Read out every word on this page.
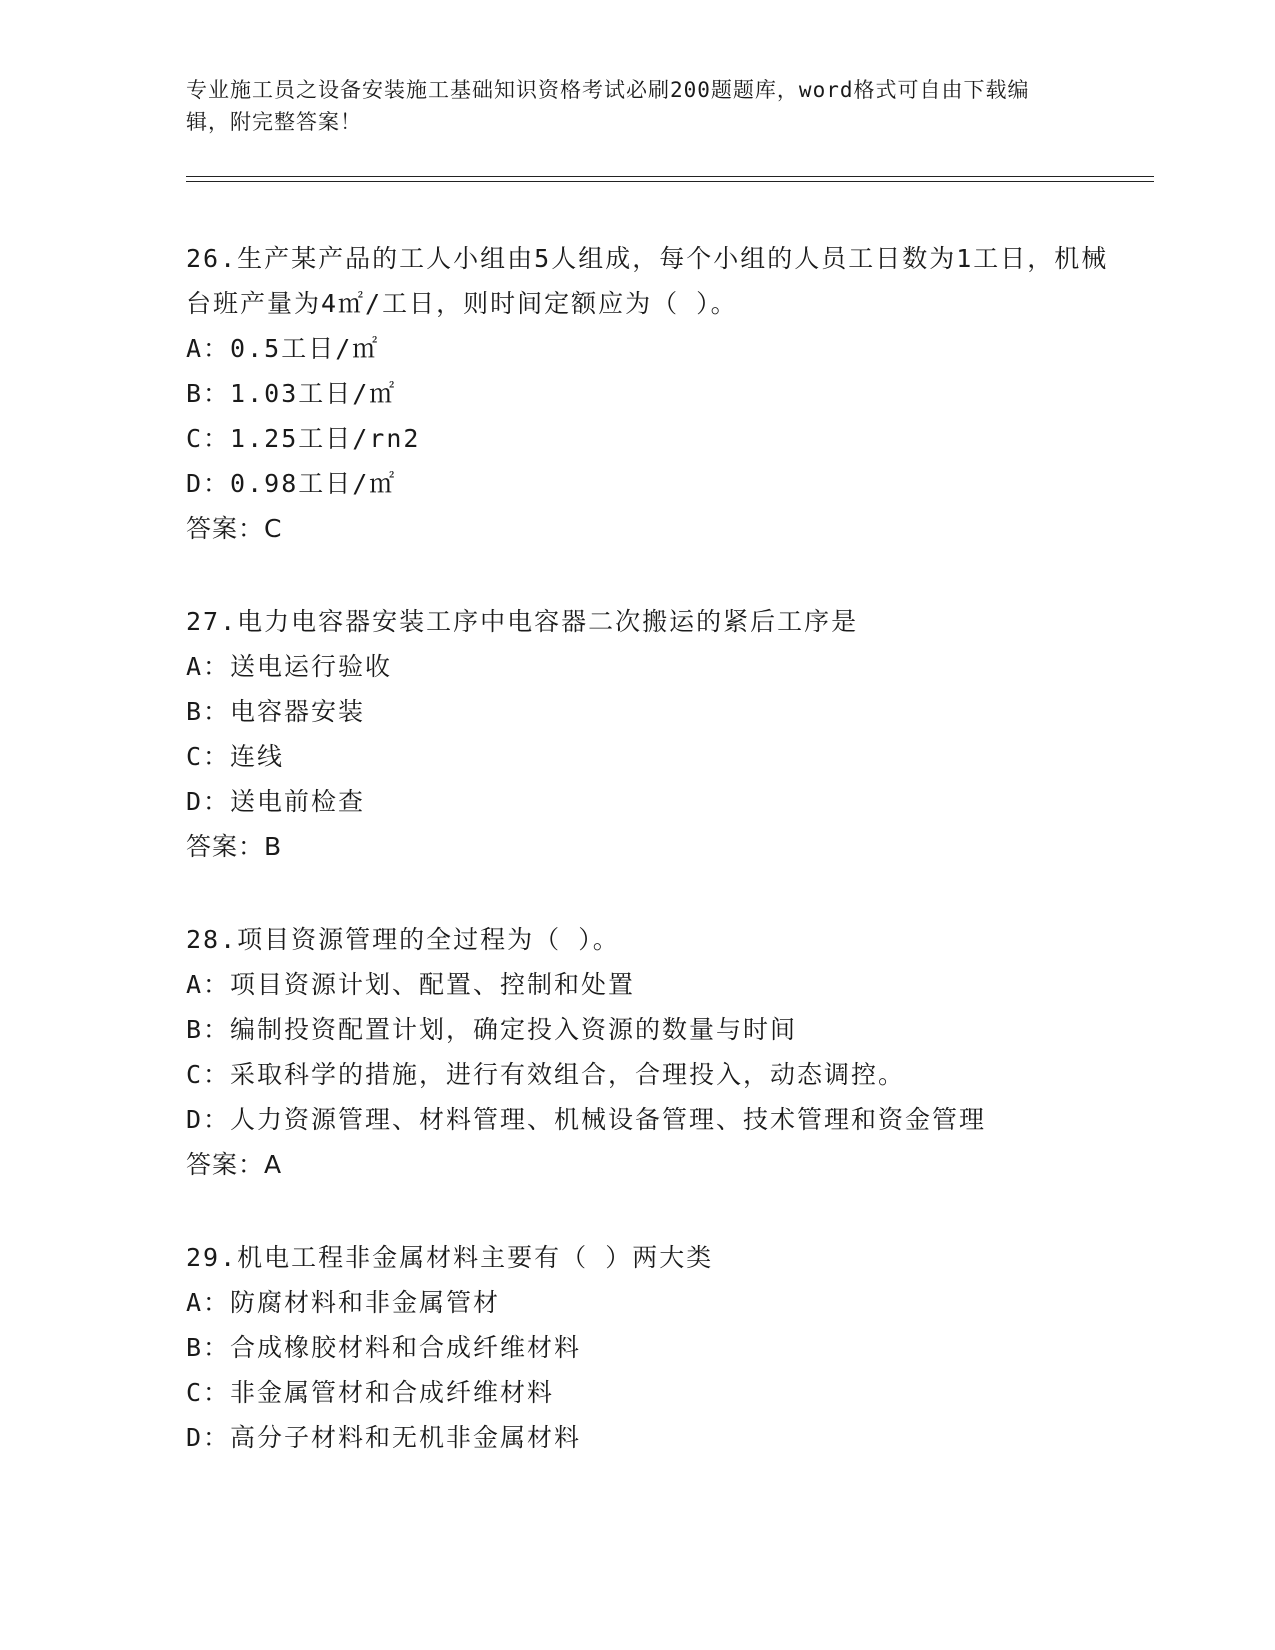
专业施工员之设备安装施工基础知识资格考试必刷200题题库，word格式可自由下载编辑，附完整答案！

26.生产某产品的工人小组由5人组成，每个小组的人员工日数为1工日，机械台班产量为4㎡/工日，则时间定额应为（ ）。

A：0.5工日/㎡

B：1.03工日/㎡

C：1.25工日/rn2

D：0.98工日/㎡

答案：C

27.电力电容器安装工序中电容器二次搬运的紧后工序是

A：送电运行验收

B：电容器安装

C：连线

D：送电前检查

答案：B

28.项目资源管理的全过程为（ ）。

A：项目资源计划、配置、控制和处置

B：编制投资配置计划，确定投入资源的数量与时间

C：采取科学的措施，进行有效组合，合理投入，动态调控。

D：人力资源管理、材料管理、机械设备管理、技术管理和资金管理

答案：A

29.机电工程非金属材料主要有（ ）两大类

A：防腐材料和非金属管材

B：合成橡胶材料和合成纤维材料

C：非金属管材和合成纤维材料

D：高分子材料和无机非金属材料
